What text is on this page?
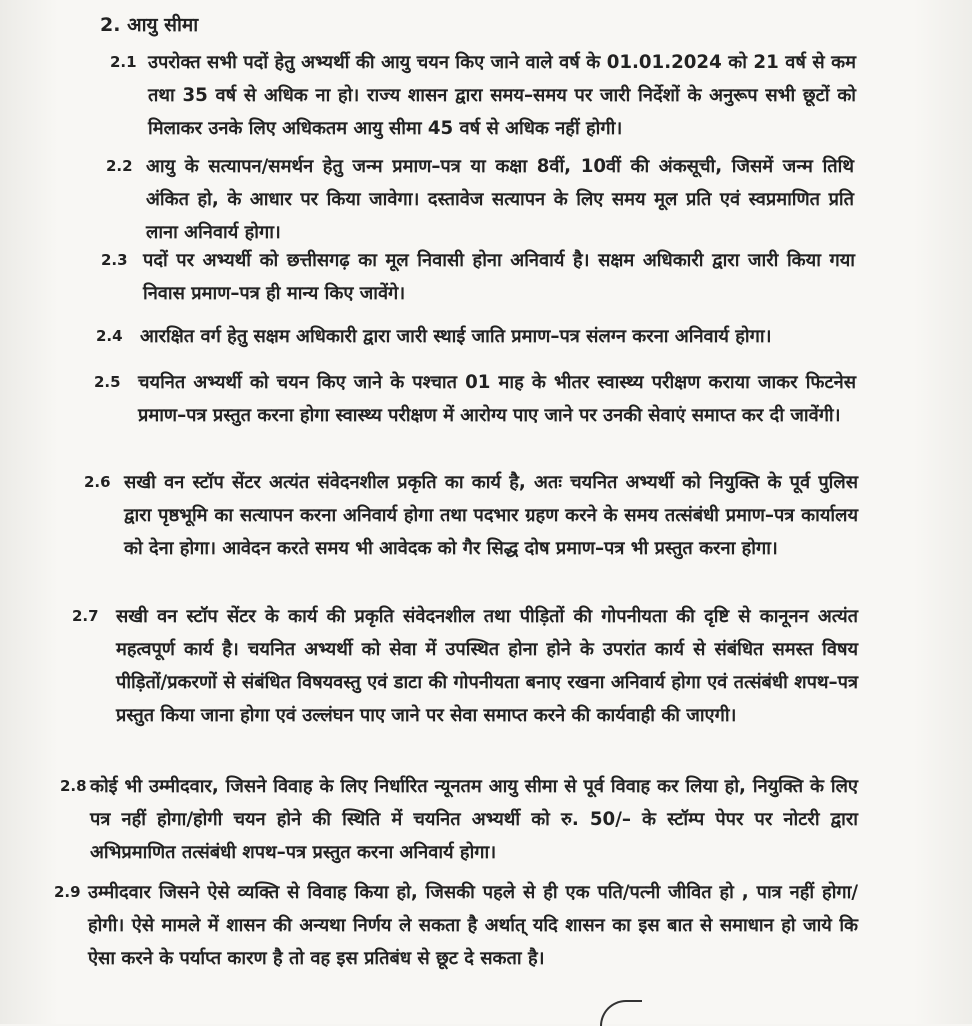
2. आयु सीमा
2.1 उपरोक्त सभी पदों हेतु अभ्यर्थी की आयु चयन किए जाने वाले वर्ष के 01.01.2024 को 21 वर्ष से कम तथा 35 वर्ष से अधिक ना हो। राज्य शासन द्वारा समय–समय पर जारी निर्देशों के अनुरूप सभी छूटों को मिलाकर उनके लिए अधिकतम आयु सीमा 45 वर्ष से अधिक नहीं होगी।
2.2 आयु के सत्यापन/समर्थन हेतु जन्म प्रमाण–पत्र या कक्षा 8वीं, 10वीं की अंकसूची, जिसमें जन्म तिथि अंकित हो, के आधार पर किया जावेगा। दस्तावेज सत्यापन के लिए समय मूल प्रति एवं स्वप्रमाणित प्रति लाना अनिवार्य होगा।
2.3 पदों पर अभ्यर्थी को छत्तीसगढ़ का मूल निवासी होना अनिवार्य है। सक्षम अधिकारी द्वारा जारी किया गया निवास प्रमाण–पत्र ही मान्य किए जावेंगे।
2.4 आरक्षित वर्ग हेतु सक्षम अधिकारी द्वारा जारी स्थाई जाति प्रमाण–पत्र संलग्न करना अनिवार्य होगा।
2.5 चयनित अभ्यर्थी को चयन किए जाने के पश्चात 01 माह के भीतर स्वास्थ्य परीक्षण कराया जाकर फिटनेस प्रमाण–पत्र प्रस्तुत करना होगा स्वास्थ्य परीक्षण में आरोग्य पाए जाने पर उनकी सेवाएं समाप्त कर दी जावेंगी।
2.6 सखी वन स्टॉप सेंटर अत्यंत संवेदनशील प्रकृति का कार्य है, अतः चयनित अभ्यर्थी को नियुक्ति के पूर्व पुलिस द्वारा पृष्ठभूमि का सत्यापन करना अनिवार्य होगा तथा पदभार ग्रहण करने के समय तत्संबंधी प्रमाण–पत्र कार्यालय को देना होगा। आवेदन करते समय भी आवेदक को गैर सिद्ध दोष प्रमाण–पत्र भी प्रस्तुत करना होगा।
2.7 सखी वन स्टॉप सेंटर के कार्य की प्रकृति संवेदनशील तथा पीड़ितों की गोपनीयता की दृष्टि से कानूनन अत्यंत महत्वपूर्ण कार्य है। चयनित अभ्यर्थी को सेवा में उपस्थित होना होने के उपरांत कार्य से संबंधित समस्त विषय पीड़ितों/प्रकरणों से संबंधित विषयवस्तु एवं डाटा की गोपनीयता बनाए रखना अनिवार्य होगा एवं तत्संबंधी शपथ–पत्र प्रस्तुत किया जाना होगा एवं उल्लंघन पाए जाने पर सेवा समाप्त करने की कार्यवाही की जाएगी।
2.8 कोई भी उम्मीदवार, जिसने विवाह के लिए निर्धारित न्यूनतम आयु सीमा से पूर्व विवाह कर लिया हो, नियुक्ति के लिए पत्र नहीं होगा/होगी चयन होने की स्थिति में चयनित अभ्यर्थी को रु. 50/– के स्टॉम्प पेपर पर नोटरी द्वारा अभिप्रमाणित तत्संबंधी शपथ–पत्र प्रस्तुत करना अनिवार्य होगा।
2.9 उम्मीदवार जिसने ऐसे व्यक्ति से विवाह किया हो, जिसकी पहले से ही एक पति/पत्नी जीवित हो , पात्र नहीं होगा/होगी। ऐसे मामले में शासन की अन्यथा निर्णय ले सकता है अर्थात् यदि शासन का इस बात से समाधान हो जाये कि ऐसा करने के पर्याप्त कारण है तो वह इस प्रतिबंध से छूट दे सकता है।
